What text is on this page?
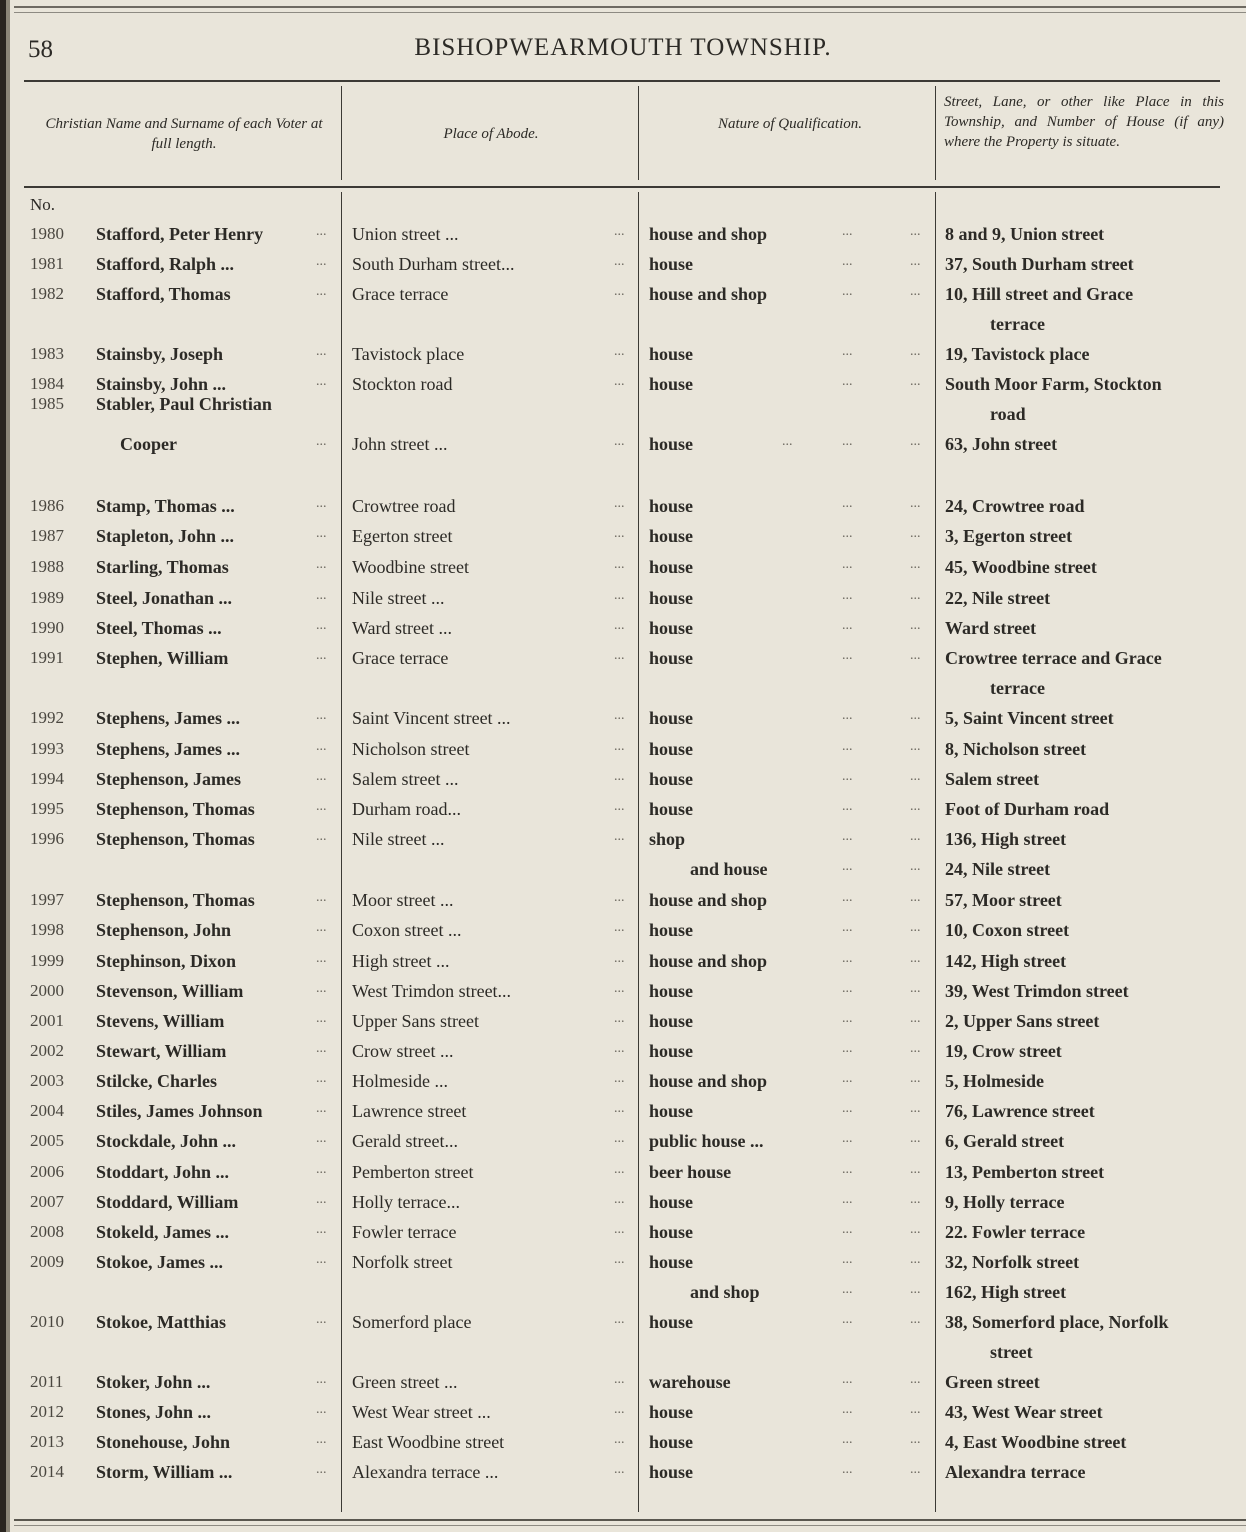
58	BISHOPWEARMOUTH TOWNSHIP.
Christian Name and Surname of each Voter at full length.
Place of Abode.
Nature of Qualification.
Street, Lane, or other like Place in this Township, and Number of House (if any) where the Property is situate.
No.
1980 Stafford, Peter Henry	... Union street ...	... house and shop	...	... 8 and 9, Union street
1981 Stafford, Ralph ...	... South Durham street...	... house	...	... 37, South Durham street
1982 Stafford, Thomas	... Grace terrace	... house and shop	...	... 10, Hill street and Grace
terrace
1983 Stainsby, Joseph	... Tavistock place	... house	...	... 19, Tavistock place
1984 Stainsby, John ...	... Stockton road	... house	...	... South Moor Farm, Stockton
road
1985 Stabler, Paul Christian
Cooper	... John street ...	... house	...	...	... 63, John street
1986 Stamp, Thomas ...	... Crowtree road	... house	...	... 24, Crowtree road
1987 Stapleton, John ...	... Egerton street	... house	...	... 3, Egerton street
1988 Starling, Thomas	... Woodbine street	... house	...	... 45, Woodbine street
1989 Steel, Jonathan ...	... Nile street ...	... house	...	... 22, Nile street
1990 Steel, Thomas ...	... Ward street ...	... house	...	... Ward street
1991 Stephen, William	... Grace terrace	... house	...	... Crowtree terrace and Grace
terrace
1992 Stephens, James ...	... Saint Vincent street ...	... house	...	... 5, Saint Vincent street
1993 Stephens, James ...	... Nicholson street	... house	...	... 8, Nicholson street
1994 Stephenson, James	... Salem street ...	... house	...	... Salem street
1995 Stephenson, Thomas	... Durham road...	... house	...	... Foot of Durham road
1996 Stephenson, Thomas	... Nile street ...	... shop	...	... 136, High street
and house	...	... 24, Nile street
1997 Stephenson, Thomas	... Moor street ...	... house and shop	...	... 57, Moor street
1998 Stephenson, John	... Coxon street ...	... house	...	... 10, Coxon street
1999 Stephinson, Dixon	... High street ...	... house and shop	...	... 142, High street
2000 Stevenson, William	... West Trimdon street...	... house	...	... 39, West Trimdon street
2001 Stevens, William	... Upper Sans street	... house	...	... 2, Upper Sans street
2002 Stewart, William	... Crow street ...	... house	...	... 19, Crow street
2003 Stilcke, Charles	... Holmeside ...	... house and shop	...	... 5, Holmeside
2004 Stiles, James Johnson	... Lawrence street	... house	...	... 76, Lawrence street
2005 Stockdale, John ...	... Gerald street...	... public house ...	...	... 6, Gerald street
2006 Stoddart, John ...	... Pemberton street	... beer house	...	... 13, Pemberton street
2007 Stoddard, William	... Holly terrace...	... house	...	... 9, Holly terrace
2008 Stokeld, James ...	... Fowler terrace	... house	...	... 22. Fowler terrace
2009 Stokoe, James ...	... Norfolk street	... house	...	... 32, Norfolk street
and shop	...	... 162, High street
2010 Stokoe, Matthias	... Somerford place	... house	...	... 38, Somerford place, Norfolk
street
2011 Stoker, John ...	... Green street ...	... warehouse	...	... Green street
2012 Stones, John ...	... West Wear street ...	... house	...	... 43, West Wear street
2013 Stonehouse, John	... East Woodbine street	... house	...	... 4, East Woodbine street
2014 Storm, William ...	... Alexandra terrace ...	... house	...	... Alexandra terrace
